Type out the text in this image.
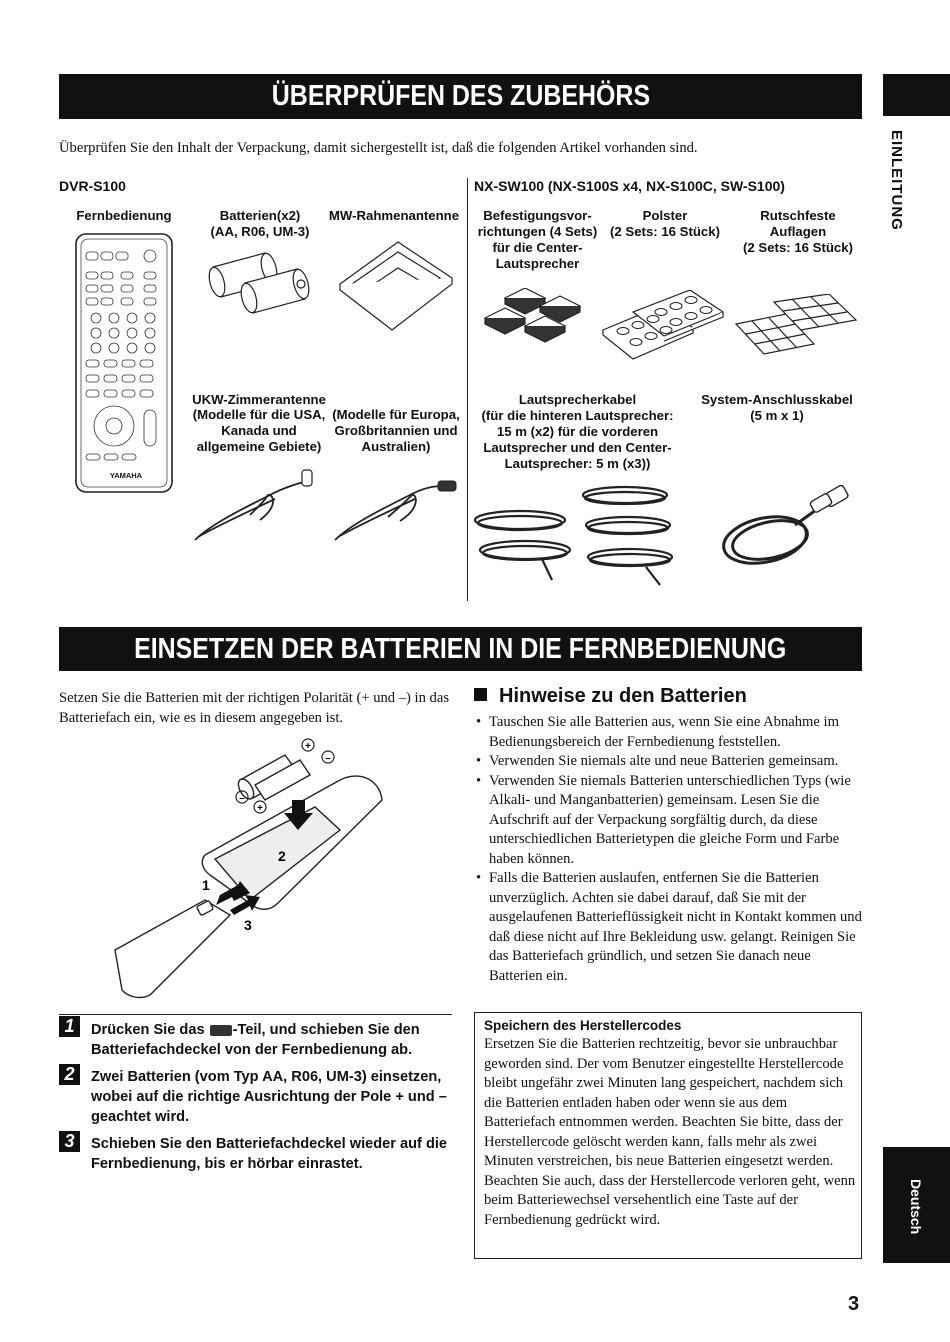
ÜBERPRÜFEN DES ZUBEHÖRS
Überprüfen Sie den Inhalt der Verpackung, damit sichergestellt ist, daß die folgenden Artikel vorhanden sind.	EINLEITUNG
Deutsch
DVR-S100	NX-SW100 (NX-S100S x4, NX-S100C, SW-S100)
Fernbedienung	Batterien(x2)
(AA, R06, UM-3)
MW-Rahmenantenne	Befestigungsvor-
richtungen (4 Sets)
für die Center-
Lautsprecher
Polster
(2 Sets: 16 Stück)
Rutschfeste
Auflagen
(2 Sets: 16 Stück)
UKW-Zimmerantenne
(Modelle für die USA,
Kanada und
allgemeine Gebiete)
(Modelle für Europa,
Großbritannien und
Australien)
Lautsprecherkabel
(für die hinteren Lautsprecher:
15 m (x2) für die vorderen
Lautsprecher und den Center-
Lautsprecher: 5 m (x3))
System-Anschlusskabel
(5 m x 1)
YAMAHA
EINSETZEN DER BATTERIEN IN DIE FERNBEDIENUNG
Setzen Sie die Batterien mit der richtigen Polarität (+ und –) in das Batteriefach ein, wie es in diesem angegeben ist.
+
–
–
+
1
2
3
1	Drücken Sie das -Teil, und schieben Sie den Batteriefachdeckel von der Fernbedienung ab.
2	Zwei Batterien (vom Typ AA, R06, UM-3) einsetzen, wobei auf die richtige Ausrichtung der Pole + und – geachtet wird.
3	Schieben Sie den Batteriefachdeckel wieder auf die Fernbedienung, bis er hörbar einrastet.
Hinweise zu den Batterien
• Tauschen Sie alle Batterien aus, wenn Sie eine Abnahme im Bedienungsbereich der Fernbedienung feststellen.
• Verwenden Sie niemals alte und neue Batterien gemeinsam.
• Verwenden Sie niemals Batterien unterschiedlichen Typs (wie Alkali- und Manganbatterien) gemeinsam. Lesen Sie die Aufschrift auf der Verpackung sorgfältig durch, da diese unterschiedlichen Batterietypen die gleiche Form und Farbe haben können.
• Falls die Batterien auslaufen, entfernen Sie die Batterien unverzüglich. Achten sie dabei darauf, daß Sie mit der ausgelaufenen Batterieflüssigkeit nicht in Kontakt kommen und daß diese nicht auf Ihre Bekleidung usw. gelangt. Reinigen Sie das Batteriefach gründlich, und setzen Sie danach neue Batterien ein.
Speichern des Herstellercodes
Ersetzen Sie die Batterien rechtzeitig, bevor sie unbrauchbar geworden sind. Der vom Benutzer eingestellte Herstellercode bleibt ungefähr zwei Minuten lang gespeichert, nachdem sich die Batterien entladen haben oder wenn sie aus dem Batteriefach entnommen werden. Beachten Sie bitte, dass der Herstellercode gelöscht werden kann, falls mehr als zwei Minuten verstreichen, bis neue Batterien eingesetzt werden. Beachten Sie auch, dass der Herstellercode verloren geht, wenn beim Batteriewechsel versehentlich eine Taste auf der Fernbedienung gedrückt wird.
3
